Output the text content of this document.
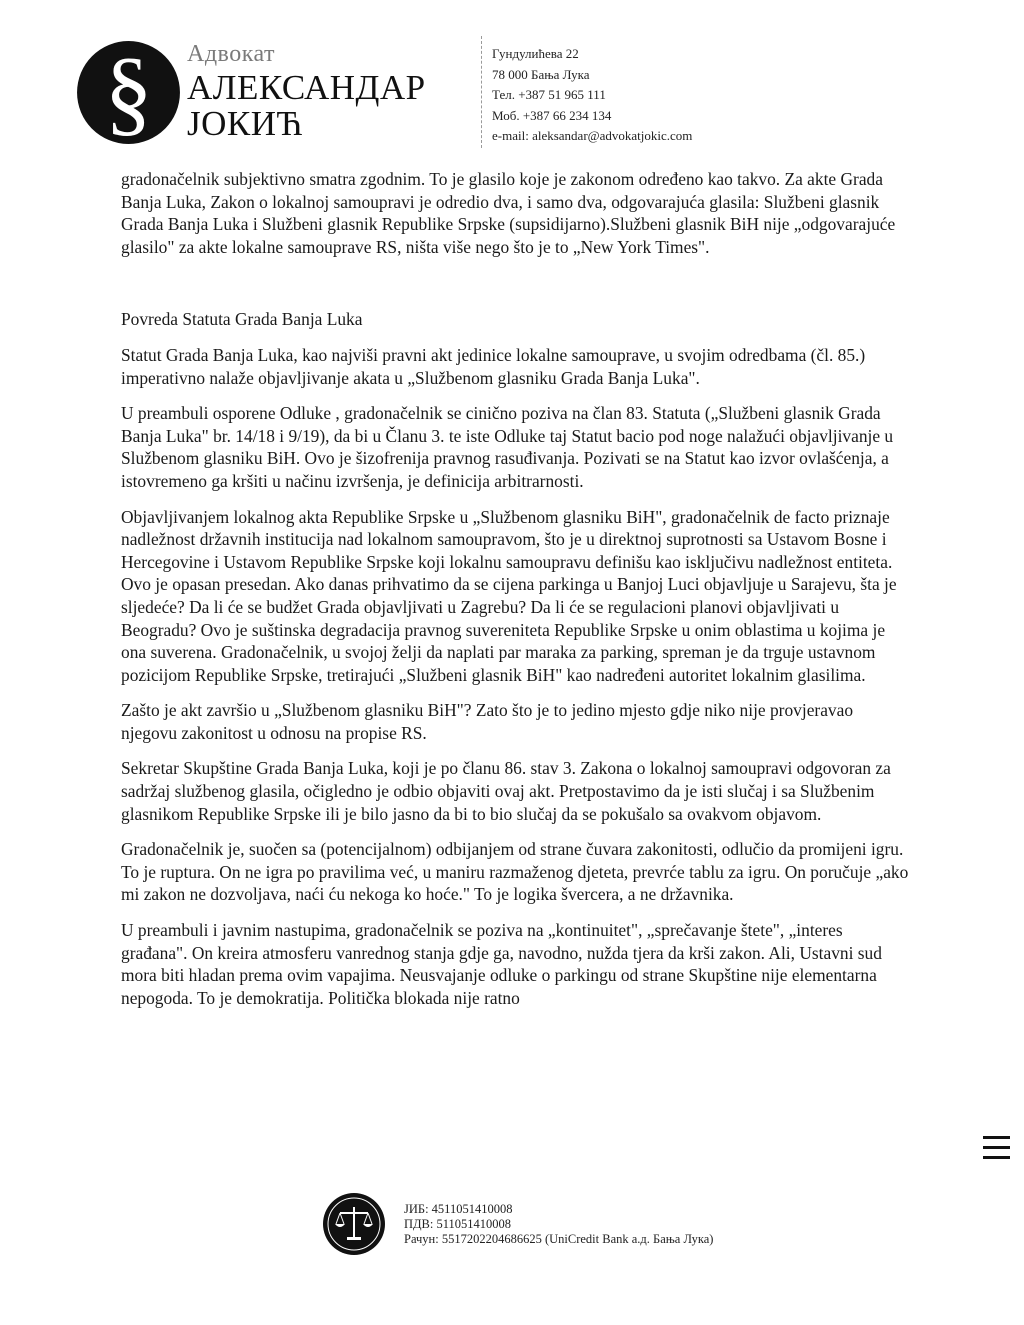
§ Адвокат
АЛЕКСАНДАР
ЈОКИЋ
Гундулићева 22
78 000 Бања Лука
Тел. +387 51 965 111
Моб. +387 66 234 134
e-mail: aleksandar@advokatjokic.com

gradonačelnik subjektivno smatra zgodnim. To je glasilo koje je zakonom određeno kao takvo. Za akte Grada Banja Luka, Zakon o lokalnoj samoupravi je odredio dva, i samo dva, odgovarajuća glasila: Službeni glasnik Grada Banja Luka i Službeni glasnik Republike Srpske (supsidijarno).Službeni glasnik BiH nije „odgovarajuće glasilo" za akte lokalne samouprave RS, ništa više nego što je to „New York Times".

Povreda Statuta Grada Banja Luka

Statut Grada Banja Luka, kao najviši pravni akt jedinice lokalne samouprave, u svojim odredbama (čl. 85.) imperativno nalaže objavljivanje akata u „Službenom glasniku Grada Banja Luka".

U preambuli osporene Odluke , gradonačelnik se cinično poziva na član 83. Statuta („Službeni glasnik Grada Banja Luka" br. 14/18 i 9/19), da bi u Članu 3. te iste Odluke taj Statut bacio pod noge nalažući objavljivanje u Službenom glasniku BiH. Ovo je šizofrenija pravnog rasuđivanja. Pozivati se na Statut kao izvor ovlašćenja, a istovremeno ga kršiti u načinu izvršenja, je definicija arbitrarnosti.

Objavljivanjem lokalnog akta Republike Srpske u „Službenom glasniku BiH", gradonačelnik de facto priznaje nadležnost državnih institucija nad lokalnom samoupravom, što je u direktnoj suprotnosti sa Ustavom Bosne i Hercegovine i Ustavom Republike Srpske koji lokalnu samoupravu definišu kao isključivu nadležnost entiteta. Ovo je opasan presedan. Ako danas prihvatimo da se cijena parkinga u Banjoj Luci objavljuje u Sarajevu, šta je sljedeće? Da li će se budžet Grada objavljivati u Zagrebu? Da li će se regulacioni planovi objavljivati u Beogradu? Ovo je suštinska degradacija pravnog suvereniteta Republike Srpske u onim oblastima u kojima je ona suverena. Gradonačelnik, u svojoj želji da naplati par maraka za parking, spreman je da trguje ustavnom pozicijom Republike Srpske, tretirajući „Službeni glasnik BiH" kao nadređeni autoritet lokalnim glasilima.

Zašto je akt završio u „Službenom glasniku BiH"? Zato što je to jedino mjesto gdje niko nije provjeravao njegovu zakonitost u odnosu na propise RS.

Sekretar Skupštine Grada Banja Luka, koji je po članu 86. stav 3. Zakona o lokalnoj samoupravi odgovoran za sadržaj službenog glasila, očigledno je odbio objaviti ovaj akt. Pretpostavimo da je isti slučaj i sa Službenim glasnikom Republike Srpske ili je bilo jasno da bi to bio slučaj da se pokušalo sa ovakvom objavom.

Gradonačelnik je, suočen sa (potencijalnom) odbijanjem od strane čuvara zakonitosti, odlučio da promijeni igru. To je ruptura. On ne igra po pravilima već, u maniru razmaženog djeteta, prevrće tablu za igru. On poručuje „ako mi zakon ne dozvoljava, naći ću nekoga ko hoće." To je logika švercera, a ne državnika.

U preambuli i javnim nastupima, gradonačelnik se poziva na „kontinuitet", „sprečavanje štete", „interes građana". On kreira atmosferu vanrednog stanja gdje ga, navodno, nužda tjera da krši zakon. Ali, Ustavni sud mora biti hladan prema ovim vapajima. Neusvajanje odluke o parkingu od strane Skupštine nije elementarna nepogoda. To je demokratija. Politička blokada nije ratno

ЈИБ: 4511051410008
ПДВ: 511051410008
Рачун: 5517202204686625 (UniCredit Bank а.д. Бања Лука)
